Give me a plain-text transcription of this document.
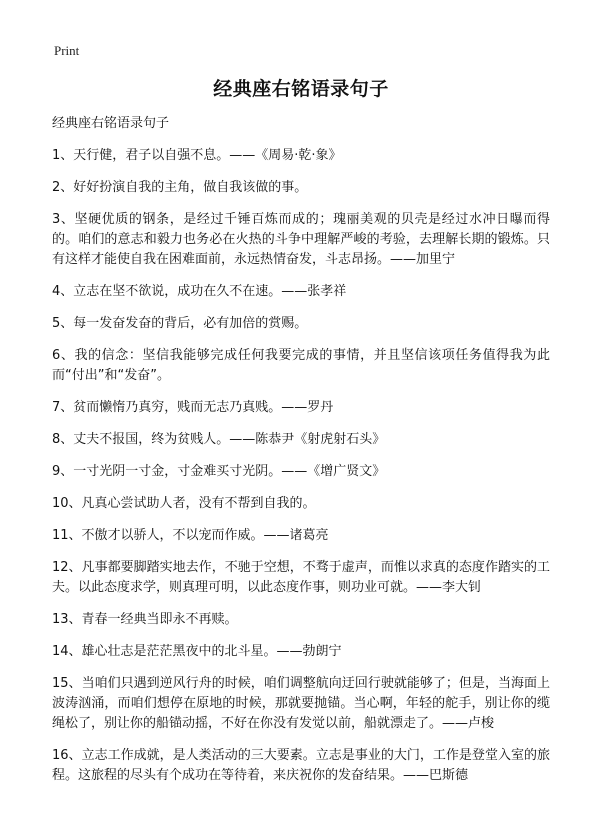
Print
经典座右铭语录句子
经典座右铭语录句子

1、天行健，君子以自强不息。——《周易·乾·象》

2、好好扮演自我的主角，做自我该做的事。

3、坚硬优质的钢条，是经过千锤百炼而成的；瑰丽美观的贝壳是经过水冲日曝而得的。咱们的意志和毅力也务必在火热的斗争中理解严峻的考验，去理解长期的锻炼。只有这样才能使自我在困难面前，永远热情奋发，斗志昂扬。——加里宁

4、立志在坚不欲说，成功在久不在速。——张孝祥

5、每一发奋发奋的背后，必有加倍的赏赐。

6、我的信念：坚信我能够完成任何我要完成的事情，并且坚信该项任务值得我为此而“付出”和“发奋”。

7、贫而懒惰乃真穷，贱而无志乃真贱。——罗丹

8、丈夫不报国，终为贫贱人。——陈恭尹《射虎射石头》

9、一寸光阴一寸金，寸金难买寸光阴。——《增广贤文》

10、凡真心尝试助人者，没有不帮到自我的。

11、不傲才以骄人，不以宠而作威。——诸葛亮

12、凡事都要脚踏实地去作，不驰于空想，不骛于虚声，而惟以求真的态度作踏实的工夫。以此态度求学，则真理可明，以此态度作事，则功业可就。——李大钊

13、青春一经典当即永不再赎。

14、雄心壮志是茫茫黑夜中的北斗星。——勃朗宁

15、当咱们只遇到逆风行舟的时候，咱们调整航向迂回行驶就能够了；但是，当海面上波涛汹涌，而咱们想停在原地的时候，那就要抛锚。当心啊，年轻的舵手，别让你的缆绳松了，别让你的船锚动摇，不好在你没有发觉以前，船就漂走了。——卢梭

16、立志工作成就，是人类活动的三大要素。立志是事业的大门，工作是登堂入室的旅程。这旅程的尽头有个成功在等待着，来庆祝你的发奋结果。——巴斯德
